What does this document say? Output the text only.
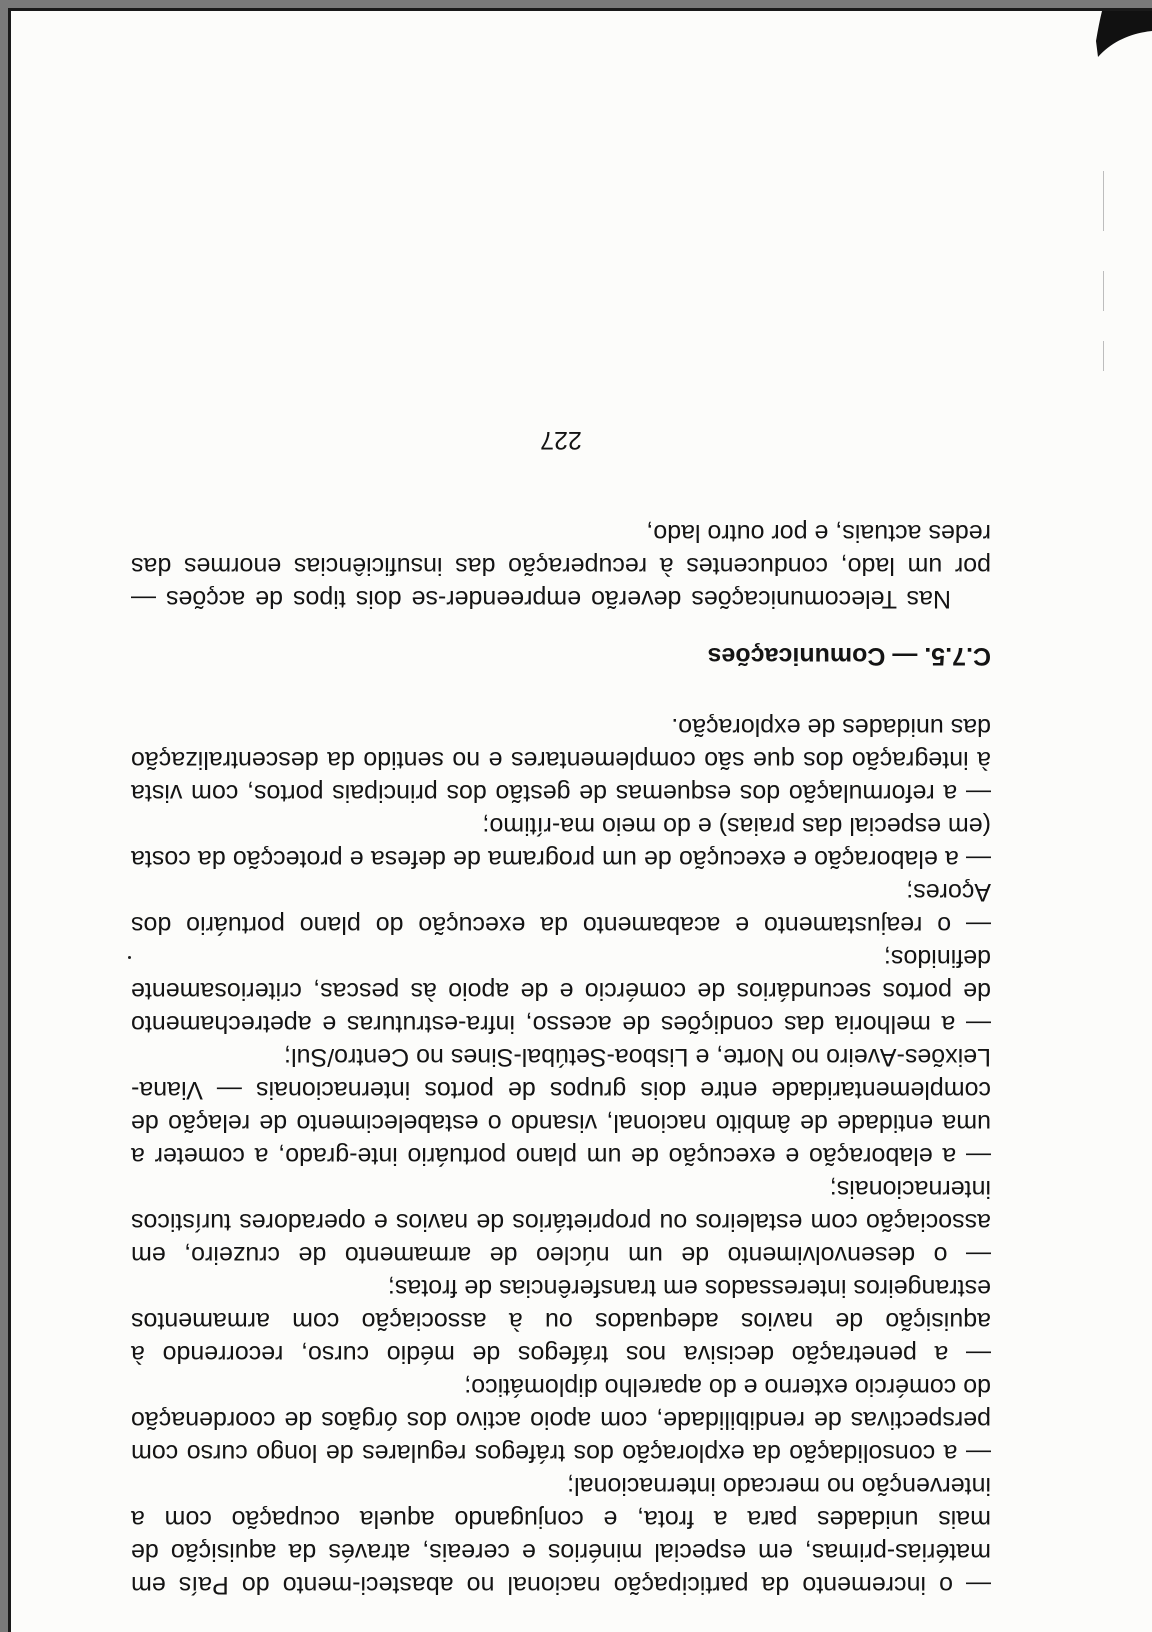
— o incremento da participação nacional no abasteci-mento do País em matérias-primas, em especial minérios e cereais, através da aquisição de mais unidades para a frota, e conjugando aquela ocupação com a intervenção no mercado internacional;

— a consolidação da exploração dos tráfegos regulares de longo curso com perspectivas de rendibilidade, com apoio activo dos órgãos de coordenação do comércio externo e do aparelho diplomático;

— a penetração decisiva nos tráfegos de médio curso, recorrendo à aquisição de navios adequados ou à associação com armamentos estrangeiros interessados em transferências de frotas;

— o desenvolvimento de um núcleo de armamento de cruzeiro, em associação com estaleiros ou proprietários de navios e operadores turísticos internacionais;

— a elaboração e execução de um plano portuário inte-grado, a cometer a uma entidade de âmbito nacional, visando o estabelecimento de relação de complementaridade entre dois grupos de portos internacionais — Viana-Leixões-Aveiro no Norte, e Lisboa-Setúbal-Sines no Centro/Sul;

— a melhoria das condições de acesso, infra-estruturas e apetrechamento de portos secundários de comércio e de apoio às pescas, criteriosamente definidos;

— o reajustamento e acabamento da execução do plano portuário dos Açores;

— a elaboração e execução de um programa de defesa e protecção da costa (em especial das praias) e do meio ma-rítimo;

— a reformulação dos esquemas de gestão dos principais portos, com vista à integração dos que são complementares e no sentido da descentralização das unidades de exploração.

C.7.5. — Comunicações

Nas Telecomunicações deverão empreender-se dois tipos de acções — por um lado, conducentes à recuperação das insuficiências enormes das redes actuais, e por outro lado,

227
